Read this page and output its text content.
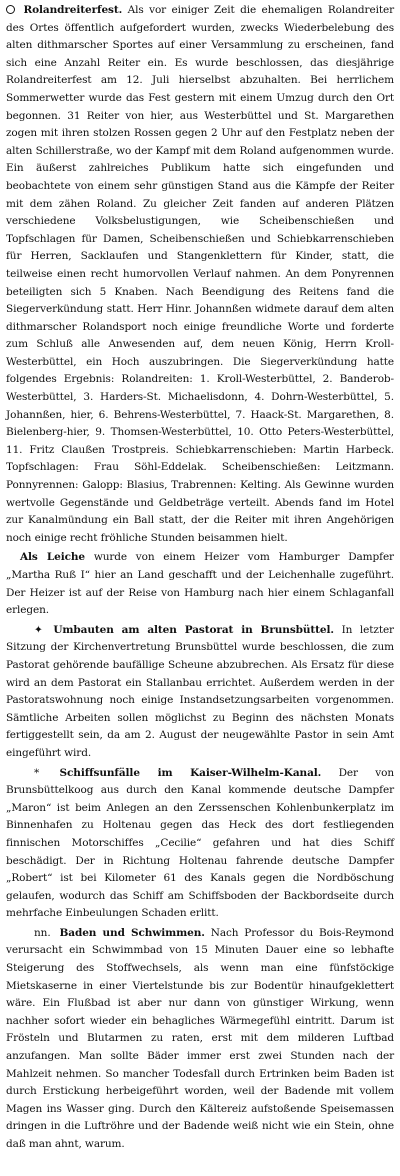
Rolandreiterfest. Als vor einiger Zeit die ehemaligen Rolandreiter des Ortes öffentlich aufgefordert wurden, zwecks Wiederbelebung des alten dithmarscher Sportes auf einer Versammlung zu erscheinen, fand sich eine Anzahl Reiter ein. Es wurde beschlossen, das diesjährige Rolandreiterfest am 12. Juli hierselbst abzuhalten. Bei herrlichem Sommerwetter wurde das Fest gestern mit einem Umzug durch den Ort begonnen. 31 Reiter von hier, aus Westerbüttel und St. Margarethen zogen mit ihren stolzen Rossen gegen 2 Uhr auf den Festplatz neben der alten Schillerstraße, wo der Kampf mit dem Roland aufgenommen wurde. Ein äußerst zahlreiches Publikum hatte sich eingefunden und beobachtete von einem sehr günstigen Stand aus die Kämpfe der Reiter mit dem zähen Roland. Zu gleicher Zeit fanden auf anderen Plätzen verschiedene Volksbelustigungen, wie Scheibenschießen und Topfschlagen für Damen, Scheibenschießen und Schiebkarrenschieben für Herren, Sacklaufen und Stangenklettern für Kinder, statt, die teilweise einen recht humorvollen Verlauf nahmen. An dem Ponyrennen beteiligten sich 5 Knaben. Nach Beendigung des Reitens fand die Siegerverkündung statt. Herr Hinr. Johannßen widmete darauf dem alten dithmarscher Rolandsport noch einige freundliche Worte und forderte zum Schluß alle Anwesenden auf, dem neuen König, Herrn Kroll-Westerbüttel, ein Hoch auszubringen. Die Siegerverkündung hatte folgendes Ergebnis: Rolandreiten: 1. Kroll-Westerbüttel, 2. Banderob-Westerbüttel, 3. Harders-St. Michaelisdonn, 4. Dohrn-Westerbüttel, 5. Johannßen, hier, 6. Behrens-Westerbüttel, 7. Haack-St. Margarethen, 8. Bielenberg-hier, 9. Thomsen-Westerbüttel, 10. Otto Peters-Westerbüttel, 11. Fritz Claußen Trostpreis. Schiebkarrenschieben: Martin Harbeck. Topfschlagen: Frau Söhl-Eddelak. Scheibenschießen: Leitzmann. Ponnyrennen: Galopp: Blasius, Trabrennen: Kelting. Als Gewinne wurden wertvolle Gegenstände und Geldbeträge verteilt. Abends fand im Hotel zur Kanalmündung ein Ball statt, der die Reiter mit ihren Angehörigen noch einige recht fröhliche Stunden beisammen hielt.

Als Leiche wurde von einem Heizer vom Hamburger Dampfer „Martha Ruß I“ hier an Land geschafft und der Leichenhalle zugeführt. Der Heizer ist auf der Reise von Hamburg nach hier einem Schlaganfall erlegen.

✦ Umbauten am alten Pastorat in Brunsbüttel. In letzter Sitzung der Kirchenvertretung Brunsbüttel wurde beschlossen, die zum Pastorat gehörende baufällige Scheune abzubrechen. Als Ersatz für diese wird an dem Pastorat ein Stallanbau errichtet. Außerdem werden in der Pastoratswohnung noch einige Instandsetzungsarbeiten vorgenommen. Sämtliche Arbeiten sollen möglichst zu Beginn des nächsten Monats fertiggestellt sein, da am 2. August der neugewählte Pastor in sein Amt eingeführt wird.

* Schiffsunfälle im Kaiser-Wilhelm-Kanal. Der von Brunsbüttelkoog aus durch den Kanal kommende deutsche Dampfer „Maron“ ist beim Anlegen an den Zerssenschen Kohlenbunkerplatz im Binnenhafen zu Holtenau gegen das Heck des dort festliegenden finnischen Motorschiffes „Cecilie“ gefahren und hat dies Schiff beschädigt. Der in Richtung Holtenau fahrende deutsche Dampfer „Robert“ ist bei Kilometer 61 des Kanals gegen die Nordböschung gelaufen, wodurch das Schiff am Schiffsboden der Backbordseite durch mehrfache Einbeulungen Schaden erlitt.

nn. Baden und Schwimmen. Nach Professor du Bois-Reymond verursacht ein Schwimmbad von 15 Minuten Dauer eine so lebhafte Steigerung des Stoffwechsels, als wenn man eine fünfstöckige Mietskaserne in einer Viertelstunde bis zur Bodentür hinaufgeklettert wäre. Ein Flußbad ist aber nur dann von günstiger Wirkung, wenn nachher sofort wieder ein behagliches Wärmegefühl eintritt. Darum ist Frösteln und Blutarmen zu raten, erst mit dem milderen Luftbad anzufangen. Man sollte Bäder immer erst zwei Stunden nach der Mahlzeit nehmen. So mancher Todesfall durch Ertrinken beim Baden ist durch Erstickung herbeigeführt worden, weil der Badende mit vollem Magen ins Wasser ging. Durch den Kältereiz aufstoßende Speisemassen dringen in die Luftröhre und der Badende weiß nicht wie ein Stein, ohne daß man ahnt, warum.
